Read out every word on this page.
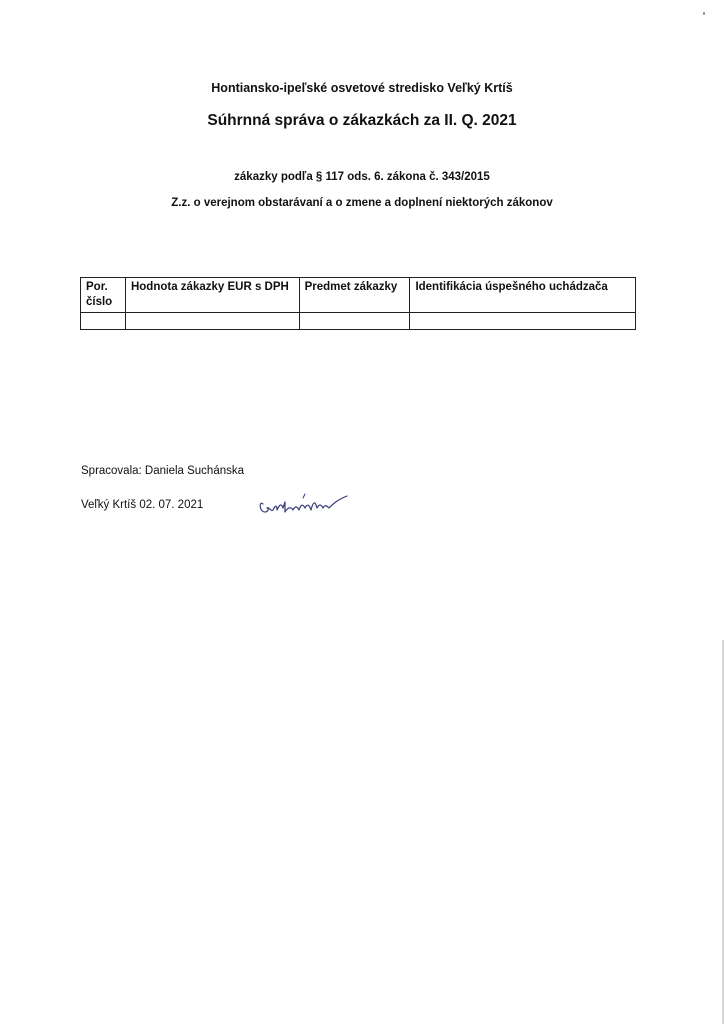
Hontiansko-ipeľské osvetové stredisko Veľký Krtíš
Súhrnná správa o zákazkách za II. Q. 2021
zákazky podľa § 117 ods. 6. zákona č. 343/2015
Z.z. o verejnom obstarávaní a o zmene a doplnení niektorých zákonov
Por. číslo	Hodnota zákazky EUR s DPH	Predmet zákazky	Identifikácia úspešného uchádzača

Spracovala: Daniela Suchánska
Veľký Krtíš 02. 07. 2021
